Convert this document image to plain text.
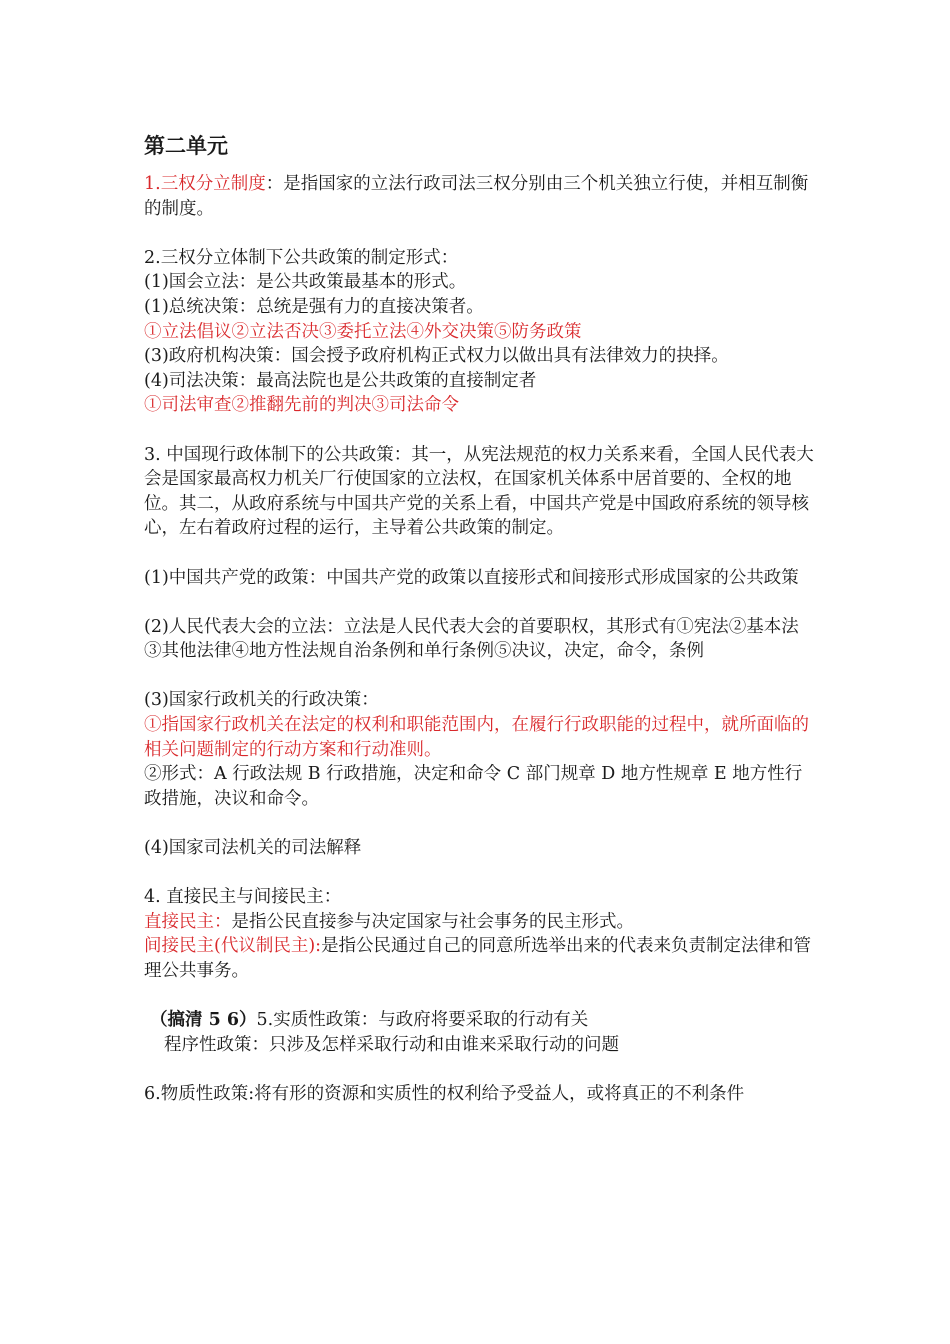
第二单元

1.三权分立制度：是指国家的立法行政司法三权分别由三个机关独立行使，并相互制衡的制度。

2.三权分立体制下公共政策的制定形式：

(1)国会立法：是公共政策最基本的形式。

(1)总统决策：总统是强有力的直接决策者。

①立法倡议②立法否决③委托立法④外交决策⑤防务政策

(3)政府机构决策：国会授予政府机构正式权力以做出具有法律效力的抉择。

(4)司法决策：最高法院也是公共政策的直接制定者

①司法审查②推翻先前的判决③司法命令

3. 中国现行政体制下的公共政策：其一，从宪法规范的权力关系来看，全国人民代表大会是国家最高权力机关厂行使国家的立法权，在国家机关体系中居首要的、全权的地位。其二，从政府系统与中国共产党的关系上看，中国共产党是中国政府系统的领导核心，左右着政府过程的运行，主导着公共政策的制定。

(1)中国共产党的政策：中国共产党的政策以直接形式和间接形式形成国家的公共政策

(2)人民代表大会的立法：立法是人民代表大会的首要职权，其形式有①宪法②基本法③其他法律④地方性法规自治条例和单行条例⑤决议，决定，命令，条例

(3)国家行政机关的行政决策：

①指国家行政机关在法定的权利和职能范围内，在履行行政职能的过程中，就所面临的相关问题制定的行动方案和行动准则。

②形式：A 行政法规 B 行政措施，决定和命令 C 部门规章 D 地方性规章 E 地方性行政措施，决议和命令。

(4)国家司法机关的司法解释

4. 直接民主与间接民主：

直接民主：是指公民直接参与决定国家与社会事务的民主形式。

间接民主(代议制民主):是指公民通过自己的同意所选举出来的代表来负责制定法律和管理公共事务。

（搞清 5 6）5.实质性政策：与政府将要采取的行动有关

程序性政策：只涉及怎样采取行动和由谁来采取行动的问题

6.物质性政策:将有形的资源和实质性的权利给予受益人，或将真正的不利条件
